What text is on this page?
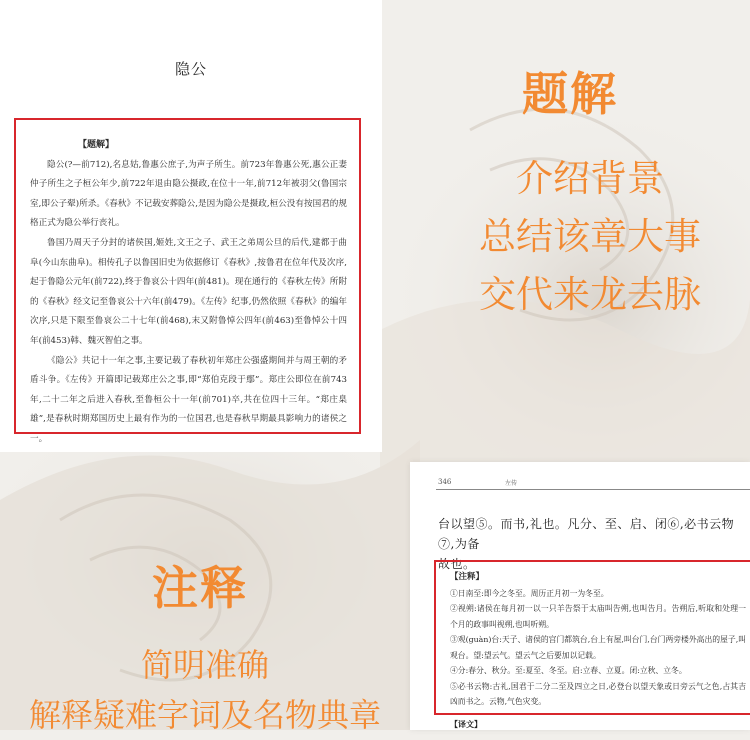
隐公
【题解】

隐公(?—前712),名息姑,鲁惠公庶子,为声子所生。前723年鲁惠公死,惠公正妻仲子所生之子桓公年少,前722年退由隐公摄政,在位十一年,前712年被羽父(鲁国宗室,即公子翚)所杀。《春秋》不记载安葬隐公,是因为隐公是摄政,桓公没有按国君的规格正式为隐公举行丧礼。

鲁国乃周天子分封的诸侯国,姬姓,文王之子、武王之弟周公旦的后代,建都于曲阜(今山东曲阜)。相传孔子以鲁国旧史为依据修订《春秋》,按鲁君在位年代及次序,起于鲁隐公元年(前722),终于鲁哀公十四年(前481)。现在通行的《春秋左传》所附的《春秋》经文记至鲁哀公十六年(前479)。《左传》纪事,仍然依照《春秋》的编年次序,只是下限至鲁哀公二十七年(前468),末又附鲁悼公四年(前463)至鲁悼公十四年(前453)韩、魏灭智伯之事。

《隐公》共记十一年之事,主要记载了春秋初年郑庄公强盛期间并与周王朝的矛盾斗争。《左传》开篇即记载郑庄公之事,即“郑伯克段于鄢”。郑庄公即位在前743年,二十二年之后进入春秋,至鲁桓公十一年(前701)卒,共在位四十三年。“郑庄臬雄”,是春秋时期郑国历史上最有作为的一位国君,也是春秋早期最具影响力的诸侯之一。

题解
介绍背景
总结该章大事
交代来龙去脉
注释
简明准确
解释疑难字词及名物典章
346	左传
台以望⑤。而书,礼也。凡分、至、启、闭⑥,必书云物⑦,为备
故也。
【注释】

①日南至:即今之冬至。周历正月初一为冬至。

②视朔:诸侯在每月初一以一只羊告祭于太庙叫告朔,也叫告月。告朔后,听取和处理一个月的政事叫视朔,也叫听朔。

③观(guàn)台:天子、诸侯的宫门都筑台,台上有屋,叫台门,台门两旁楼外高出的屋子,叫观台。望:望云气。望云气之后要加以记载。

④分:春分、秋分。至:夏至、冬至。启:立春、立夏。闭:立秋、立冬。

⑤必书云物:古礼,国君于二分二至及四立之日,必登台以望天象或日旁云气之色,占其吉凶而书之。云物,气色灾变。

【译文】
